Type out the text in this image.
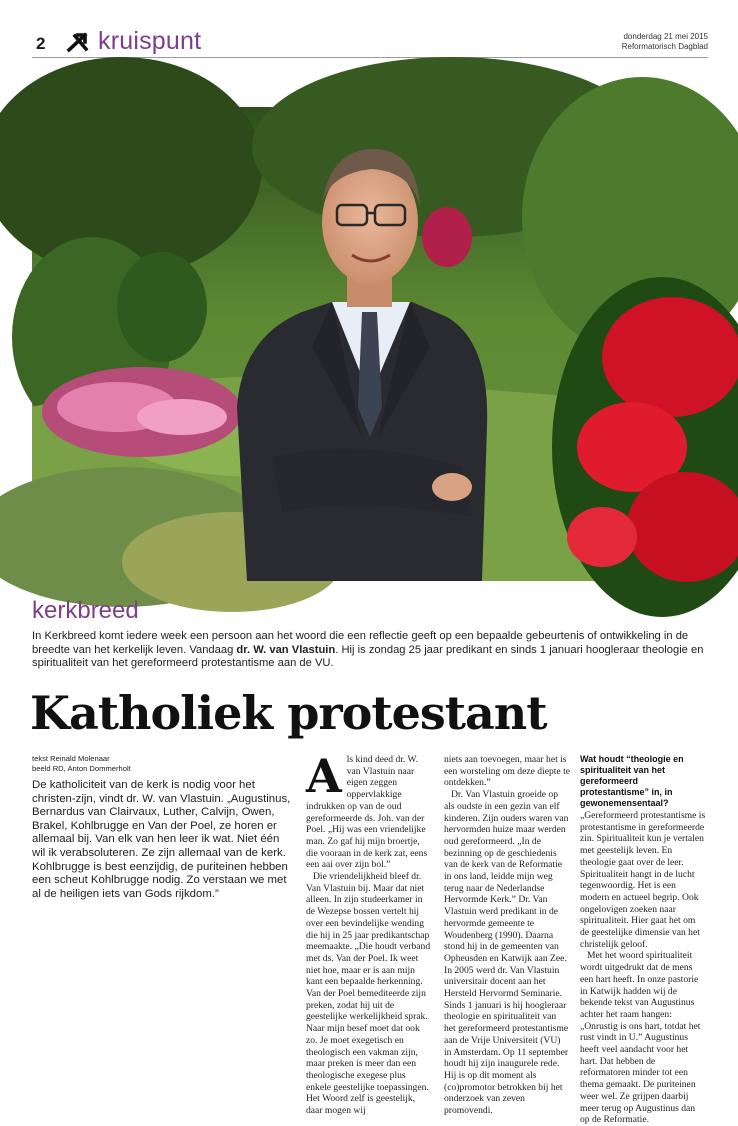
2 kruispunt	donderdag 21 mei 2015
Reformatorisch Dagblad
kerkbreed
In Kerkbreed komt iedere week een persoon aan het woord die een reflectie geeft op een bepaalde gebeurtenis of ontwikkeling in de breedte van het kerkelijk leven. Vandaag dr. W. van Vlastuin. Hij is zondag 25 jaar predikant en sinds 1 januari hoogleraar theologie en spiritualiteit van het gereformeerd protestantisme aan de VU.
Katholiek protestant
tekst Reinald Molenaar
beeld RD, Anton Dommerholt
De katholiciteit van de kerk is nodig voor het christen-zijn, vindt dr. W. van Vlastuin. „Augustinus, Bernardus van Clairvaux, Luther, Calvijn, Owen, Brakel, Kohlbrugge en Van der Poel, ze horen er allemaal bij. Van elk van hen leer ik wat. Niet één wil ik verabsoluteren. Ze zijn allemaal van de kerk. Kohlbrugge is best eenzijdig, de puriteinen hebben een scheut Kohlbrugge nodig. Zo verstaan we met al de heiligen iets van Gods rijkdom.”
A ls kind deed dr. W. van Vlastuin naar eigen zeggen oppervlakkige indrukken op van de oud gereformeerde ds. Joh. van der Poel. „Hij was een vriendelijke man. Zo gaf hij mijn broertje, die vooraan in de kerk zat, eens een aai over zijn bol.”

Die vriendelijkheid bleef dr. Van Vlastuin bij. Maar dat niet alleen. In zijn studeerkamer in de Wezepse bossen vertelt hij over een bevindelijke wending die hij in 25 jaar predikantschap meemaakte. „Die houdt verband met ds. Van der Poel. Ik weet niet hoe, maar er is aan mijn kant een bepaalde herkenning. Van der Poel bemediteerde zijn preken, zodat hij uit de geestelijke werkelijkheid sprak. Naar mijn besef moet dat ook zo. Je moet exegetisch en theologisch een vakman zijn, maar preken is meer dan een theologische exegese plus enkele geestelijke toepassingen. Het Woord zelf is geestelijk, daar mogen wij

niets aan toevoegen, maar het is een worsteling om deze diepte te ontdekken.”

Dr. Van Vlastuin groeide op als oudste in een gezin van elf kinderen. Zijn ouders waren van hervormden huize maar werden oud gereformeerd. „In de bezinning op de geschiedenis van de kerk van de Reformatie in ons land, leidde mijn weg terug naar de Nederlandse Hervormde Kerk.” Dr. Van Vlastuin werd predikant in de hervormde gemeente te Woudenberg (1990). Daarna stond hij in de gemeenten van Opheusden en Katwijk aan Zee. In 2005 werd dr. Van Vlastuin universitair docent aan het Hersteld Hervormd Seminarie. Sinds 1 januari is hij hoogleraar theologie en spiritualiteit van het gereformeerd protestantisme aan de Vrije Universiteit (VU) in Amsterdam. Op 11 september houdt hij zijn inaugurele rede. Hij is op dit moment als (co)promotor betrokken bij het onderzoek van zeven promovendi.

Wat houdt “theologie en spiritualiteit van het gereformeerd protestantisme” in, in gewonemensentaal?

„Gereformeerd protestantisme is protestantisme in gereformeerde zin. Spiritualiteit kun je vertalen met geestelijk leven. En theologie gaat over de leer. Spiritualiteit hangt in de lucht tegenwoordig. Het is een modern en actueel begrip. Ook ongelovigen zoeken naar spiritualiteit. Hier gaat het om de geestelijke dimensie van het christelijk geloof.

Met het woord spiritualiteit wordt uitgedrukt dat de mens een hart heeft. In onze pastorie in Katwijk hadden wij de bekende tekst van Augustinus achter het raam hangen: „Onrustig is ons hart, totdat het rust vindt in U.” Augustinus heeft veel aandacht voor het hart. Dat hebben de reformatoren minder tot een thema gemaakt. De puriteinen weer wel. Ze grijpen daarbij meer terug op Augustinus dan op de Reformatie.
